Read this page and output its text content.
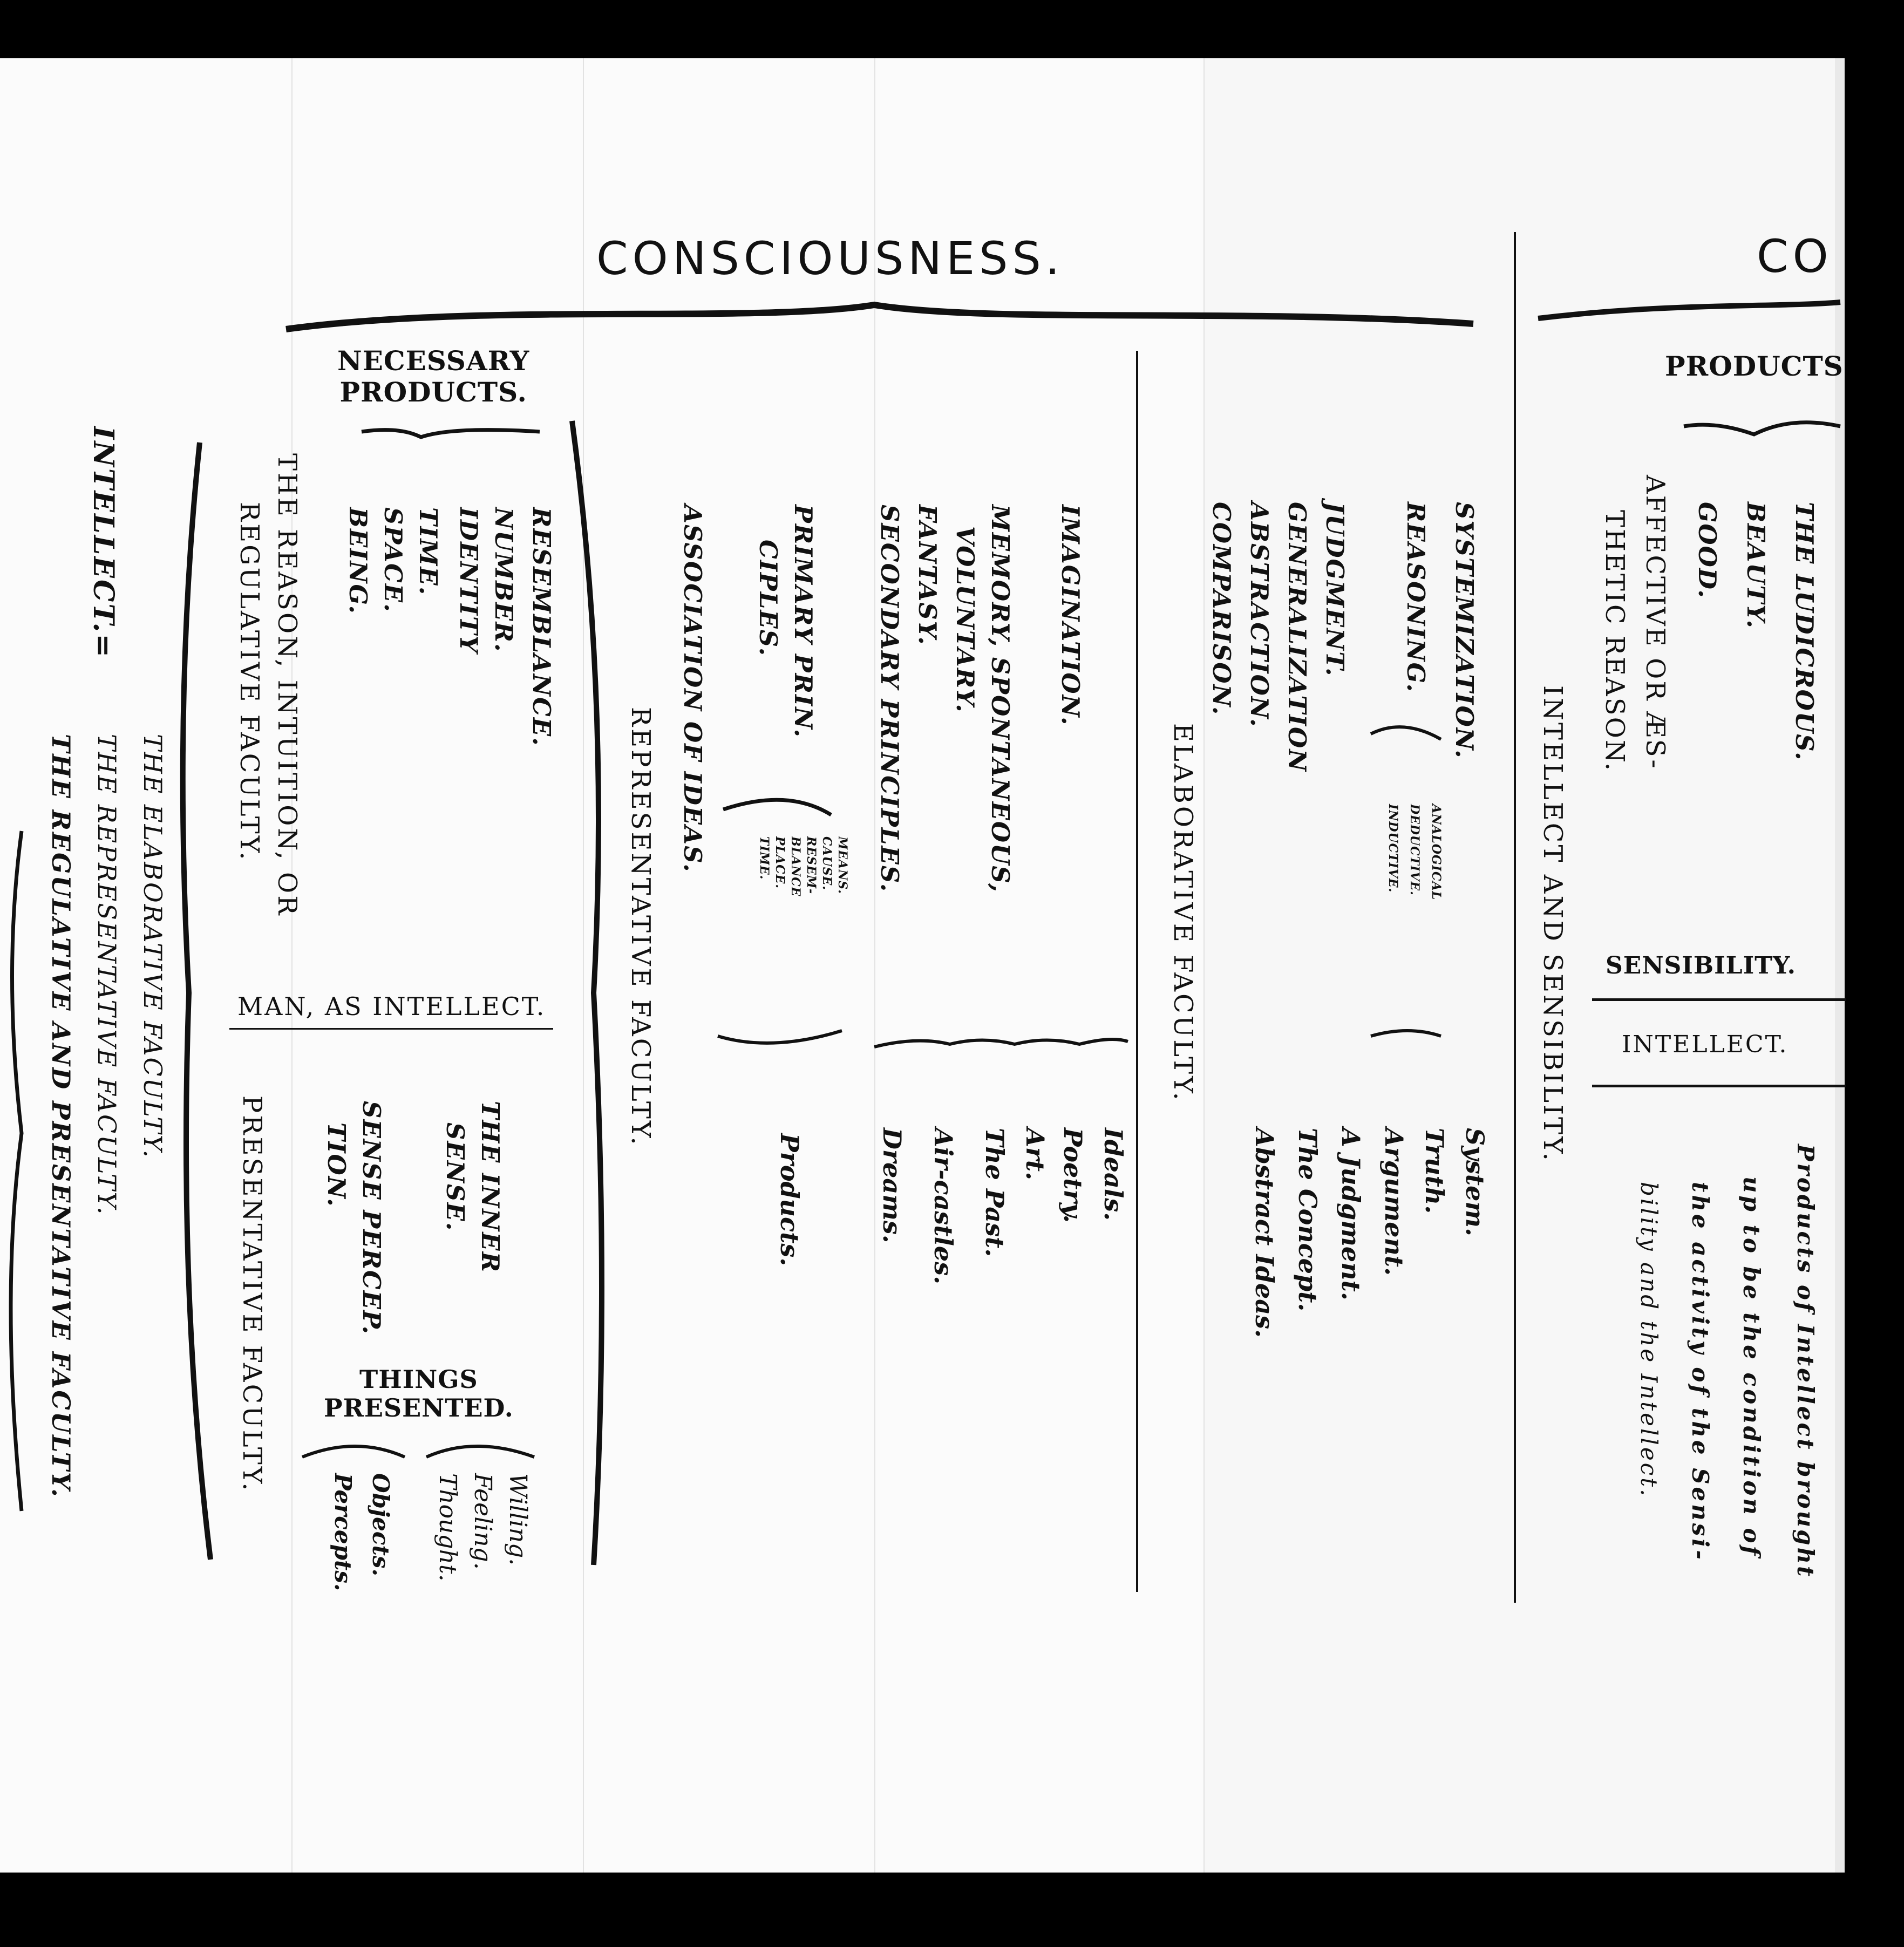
CONSCIOUSNESS.	CO
PRODUCTS
NECESSARY
PRODUCTS.
MAN, AS INTELLECT.
THINGS
PRESENTED.
INTELLECT.=
THE ELABORATIVE FACULTY.
THE REPRESENTATIVE FACULTY.
THE REGULATIVE AND PRESENTATIVE FACULTY.
THE REASON, INTUITION, OR
REGULATIVE FACULTY.	RESEMBLANCE.
NUMBER.
IDENTITY
TIME.
SPACE.
BEING.
PRESENTATIVE FACULTY.	THE INNER
SENSE.
SENSE PERCEP.
TION.
Willing.
Feeling.
Thought.
Objects.
Percepts.
REPRESENTATIVE FACULTY.
IMAGINATION.
MEMORY, SPONTANEOUS,
VOLUNTARY.
FANTASY.
SECONDARY PRINCIPLES.
PRIMARY PRIN.
CIPLES.
ASSOCIATION OF IDEAS.	MEANS.
CAUSE.
RESEM-
BLANCE
PLACE.
TIME.
Ideals.
Poetry.
Art.
The Past.
Air-castles.
Dreams.
Products.
ELABORATIVE FACULTY.
SYSTEMIZATION.
REASONING.
JUDGMENT.
GENERALIZATION
ABSTRACTION.
COMPARISON.
ANALOGICAL
DEDUCTIVE.
INDUCTIVE.
System.
Truth.
Argument.
A Judgment.
The Concept.
Abstract Ideas.
INTELLECT AND SENSIBILITY.
THE LUDICROUS.
BEAUTY.
GOOD.
AFFECTIVE OR ÆS-
THETIC REASON.
SENSIBILITY.
INTELLECT.
Products of Intellect brought
up to be the condition of
the activity of the Sensi-
bility and the Intellect.
